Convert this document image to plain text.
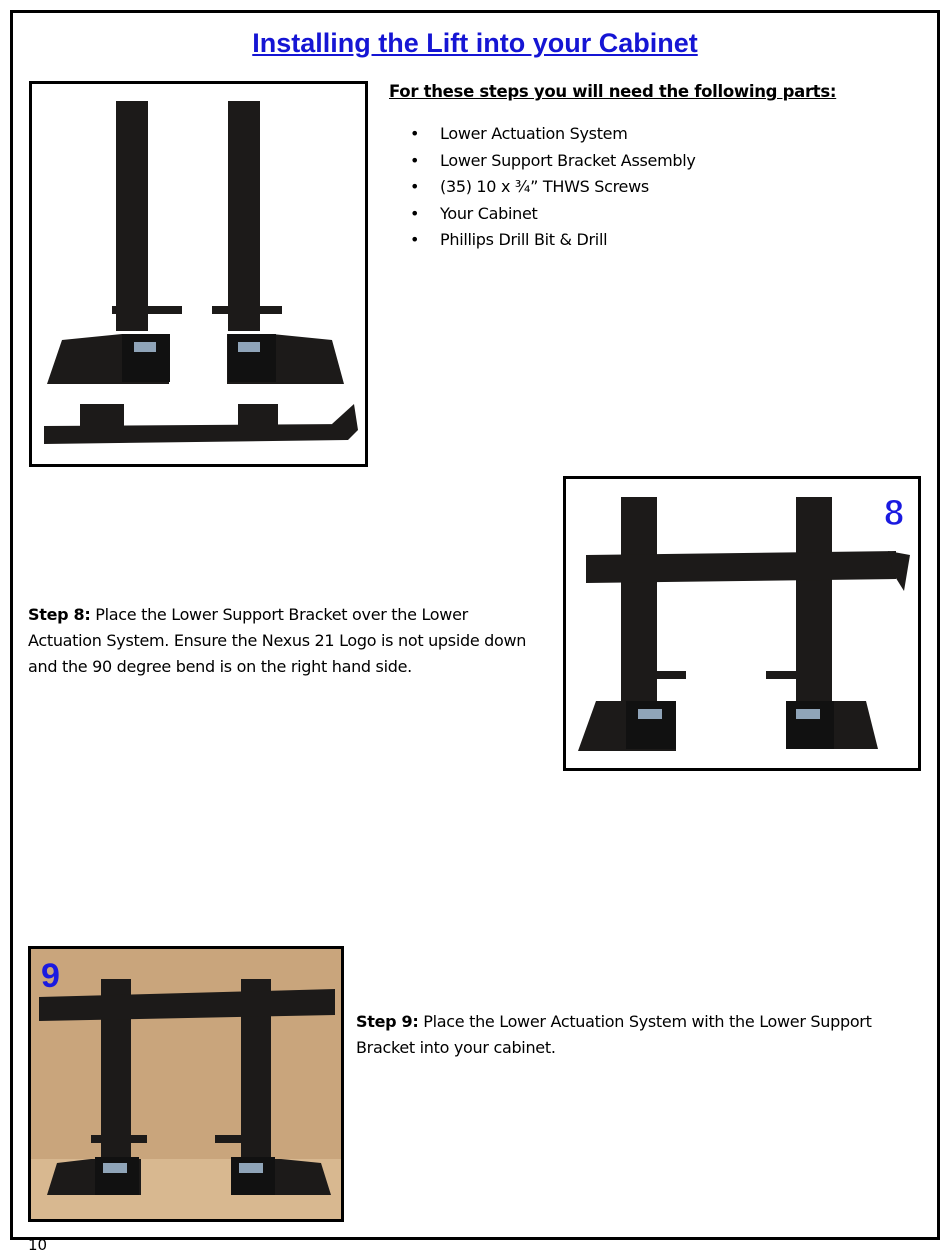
Installing the Lift into your Cabinet
For these steps you will need the following parts:
• Lower Actuation System
• Lower Support Bracket Assembly
• (35) 10 x ¾” THWS Screws
• Your Cabinet
• Phillips Drill Bit & Drill
8
Step 8: Place the Lower Support Bracket over the Lower Actuation System. Ensure the Nexus 21 Logo is not upside down and the 90 degree bend is on the right hand side.
9
Step 9: Place the Lower Actuation System with the Lower Support Bracket into your cabinet.
10
